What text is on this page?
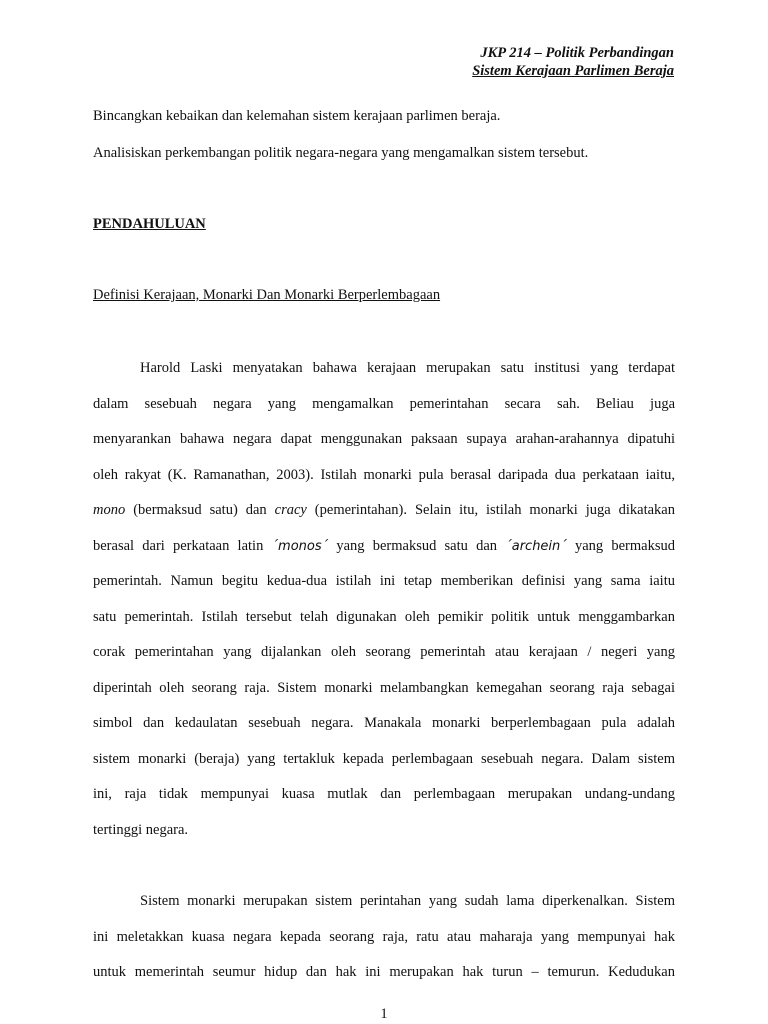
JKP 214 – Politik Perbandingan
Sistem Kerajaan Parlimen Beraja
Bincangkan kebaikan dan kelemahan sistem kerajaan parlimen beraja.
Analisiskan perkembangan politik negara-negara yang mengamalkan sistem tersebut.
PENDAHULUAN
Definisi Kerajaan, Monarki Dan Monarki Berperlembagaan
Harold Laski menyatakan bahawa kerajaan merupakan satu institusi yang terdapat
dalam sesebuah negara yang mengamalkan pemerintahan secara sah. Beliau juga
menyarankan bahawa negara dapat menggunakan paksaan supaya arahan-arahannya dipatuhi
oleh rakyat (K. Ramanathan, 2003). Istilah monarki pula berasal daripada dua perkataan iaitu,
mono (bermaksud satu) dan cracy (pemerintahan). Selain itu, istilah monarki juga dikatakan
berasal dari perkataan latin ´monos´ yang bermaksud satu dan ´archein´ yang bermaksud
pemerintah. Namun begitu kedua-dua istilah ini tetap memberikan definisi yang sama iaitu
satu pemerintah. Istilah tersebut telah digunakan oleh pemikir politik untuk menggambarkan
corak pemerintahan yang dijalankan oleh seorang pemerintah atau kerajaan / negeri yang
diperintah oleh seorang raja. Sistem monarki melambangkan kemegahan seorang raja sebagai
simbol dan kedaulatan sesebuah negara. Manakala monarki berperlembagaan pula adalah
sistem monarki (beraja) yang tertakluk kepada perlembagaan sesebuah negara. Dalam sistem
ini, raja tidak mempunyai kuasa mutlak dan perlembagaan merupakan undang-undang
tertinggi negara.
Sistem monarki merupakan sistem perintahan yang sudah lama diperkenalkan. Sistem
ini meletakkan kuasa negara kepada seorang raja, ratu atau maharaja yang mempunyai hak
untuk memerintah seumur hidup dan hak ini merupakan hak turun – temurun. Kedudukan
1
